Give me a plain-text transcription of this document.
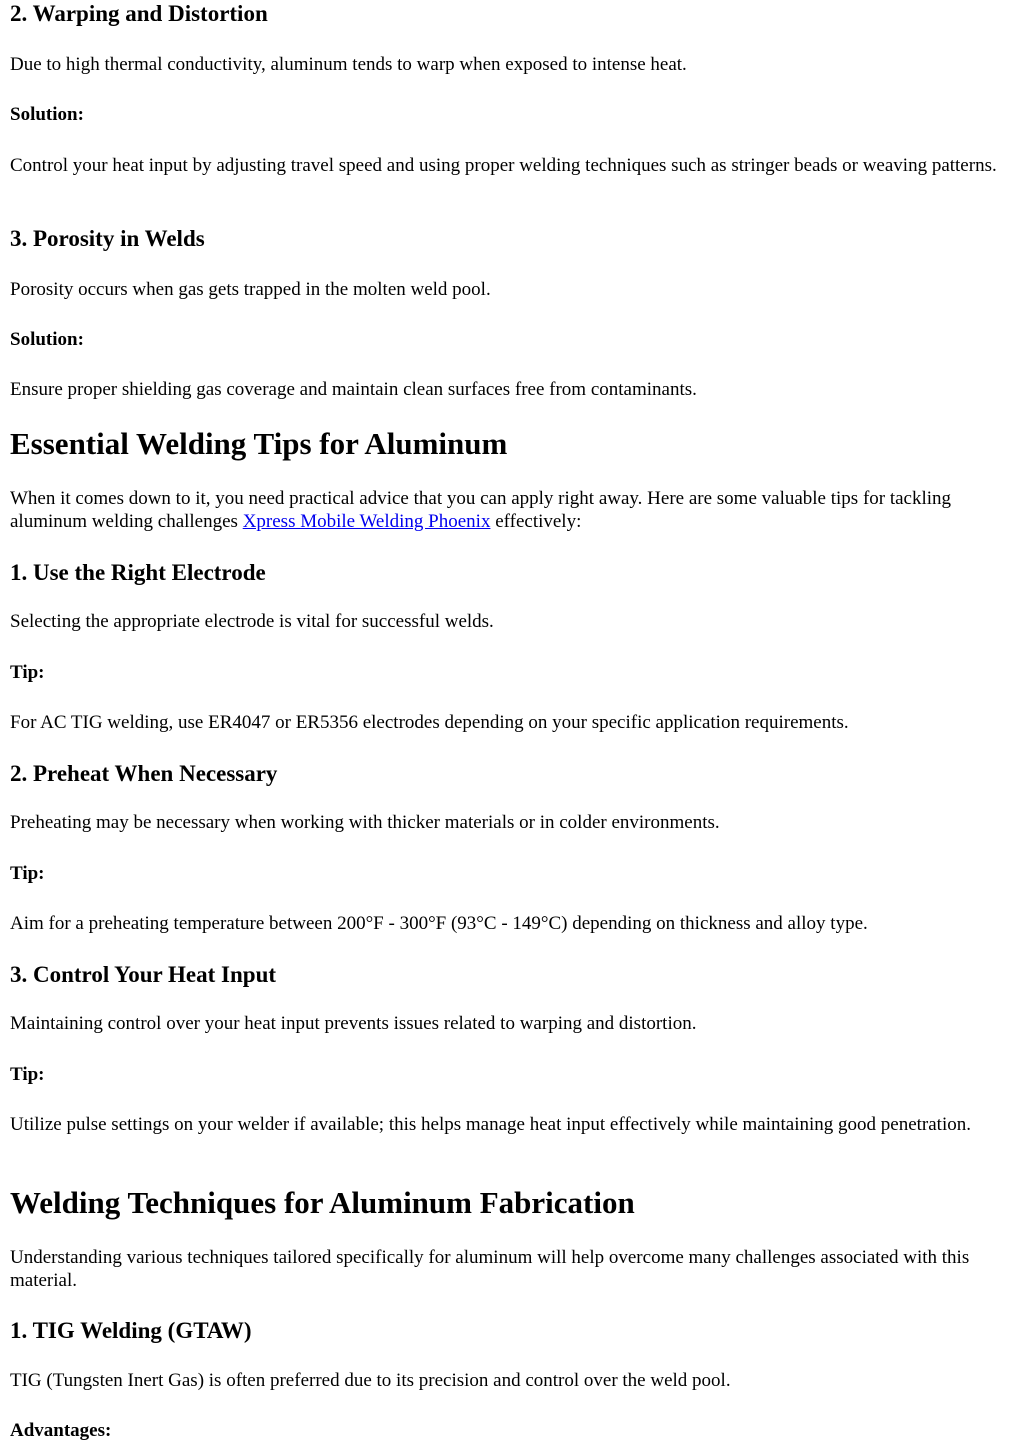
2. Warping and Distortion

Due to high thermal conductivity, aluminum tends to warp when exposed to intense heat.

Solution:

Control your heat input by adjusting travel speed and using proper welding techniques such as stringer beads or weaving patterns.

3. Porosity in Welds

Porosity occurs when gas gets trapped in the molten weld pool.

Solution:

Ensure proper shielding gas coverage and maintain clean surfaces free from contaminants.

Essential Welding Tips for Aluminum

When it comes down to it, you need practical advice that you can apply right away. Here are some valuable tips for tackling aluminum welding challenges Xpress Mobile Welding Phoenix effectively:

1. Use the Right Electrode

Selecting the appropriate electrode is vital for successful welds.

Tip:

For AC TIG welding, use ER4047 or ER5356 electrodes depending on your specific application requirements.

2. Preheat When Necessary

Preheating may be necessary when working with thicker materials or in colder environments.

Tip:

Aim for a preheating temperature between 200°F - 300°F (93°C - 149°C) depending on thickness and alloy type.

3. Control Your Heat Input

Maintaining control over your heat input prevents issues related to warping and distortion.

Tip:

Utilize pulse settings on your welder if available; this helps manage heat input effectively while maintaining good penetration.

Welding Techniques for Aluminum Fabrication

Understanding various techniques tailored specifically for aluminum will help overcome many challenges associated with this material.

1. TIG Welding (GTAW)

TIG (Tungsten Inert Gas) is often preferred due to its precision and control over the weld pool.

Advantages:
